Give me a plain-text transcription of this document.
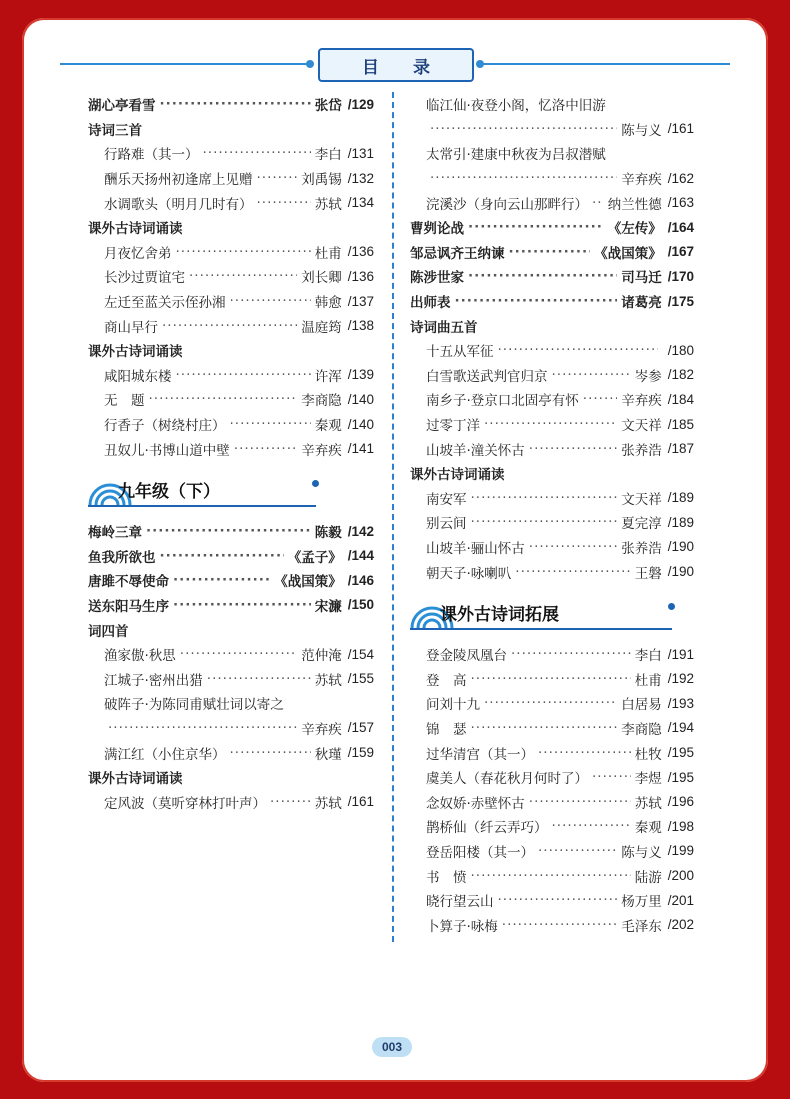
目 录
湖心亭看雪 ·····	张岱 /129
诗词三首
行路难（其一） ·····	李白 /131
酬乐天扬州初逢席上见赠 ·····	刘禹锡 /132
水调歌头（明月几时有） ·····	苏轼 /134
课外古诗词诵读
月夜忆舍弟 ·····	杜甫 /136
长沙过贾谊宅 ·····	刘长卿 /136
左迁至蓝关示侄孙湘 ·····	韩愈 /137
商山早行 ·····	温庭筠 /138
课外古诗词诵读
咸阳城东楼 ·····	许浑 /139
无　题 ·····	李商隐 /140
行香子（树绕村庄） ·····	秦观 /140
丑奴儿·书博山道中壁 ·····	辛弃疾 /141
九年级（下）
梅岭三章 ·····	陈毅 /142
鱼我所欲也 ·····	《孟子》 /144
唐雎不辱使命 ·····	《战国策》 /146
送东阳马生序 ·····	宋濂 /150
词四首
渔家傲·秋思 ·····	范仲淹 /154
江城子·密州出猎 ·····	苏轼 /155
破阵子·为陈同甫赋壮词以寄之
·····
辛弃疾 /157
满江红（小住京华） ·····	秋瑾 /159
课外古诗词诵读
定风波（莫听穿林打叶声） ·····	苏轼 /161
临江仙·夜登小阁，忆洛中旧游
·····
陈与义 /161
太常引·建康中秋夜为吕叔潜赋
·····
辛弃疾 /162
浣溪沙（身向云山那畔行） ····· 纳兰性德 /163
曹刿论战 ·····	《左传》 /164
邹忌讽齐王纳谏 ·····	《战国策》 /167
陈涉世家 ·····	司马迁 /170
出师表 ·····	诸葛亮 /175
诗词曲五首
十五从军征 ·····	/180
白雪歌送武判官归京 ·····	岑参 /182
南乡子·登京口北固亭有怀 ·····	辛弃疾 /184
过零丁洋 ·····	文天祥 /185
山坡羊·潼关怀古 ·····	张养浩 /187
课外古诗词诵读
南安军 ·····	文天祥 /189
别云间 ·····	夏完淳 /189
山坡羊·骊山怀古 ·····	张养浩 /190
朝天子·咏喇叭 ·····	王磐 /190
课外古诗词拓展
登金陵凤凰台 ·····	李白 /191
登　高 ·····	杜甫 /192
问刘十九 ·····	白居易 /193
锦　瑟 ·····	李商隐 /194
过华清宫（其一） ·····	杜牧 /195
虞美人（春花秋月何时了） ·····	李煜 /195
念奴娇·赤壁怀古 ·····	苏轼 /196
鹊桥仙（纤云弄巧） ·····	秦观 /198
登岳阳楼（其一） ·····	陈与义 /199
书　愤 ·····	陆游 /200
晓行望云山 ·····	杨万里 /201
卜算子·咏梅 ·····	毛泽东 /202
003
